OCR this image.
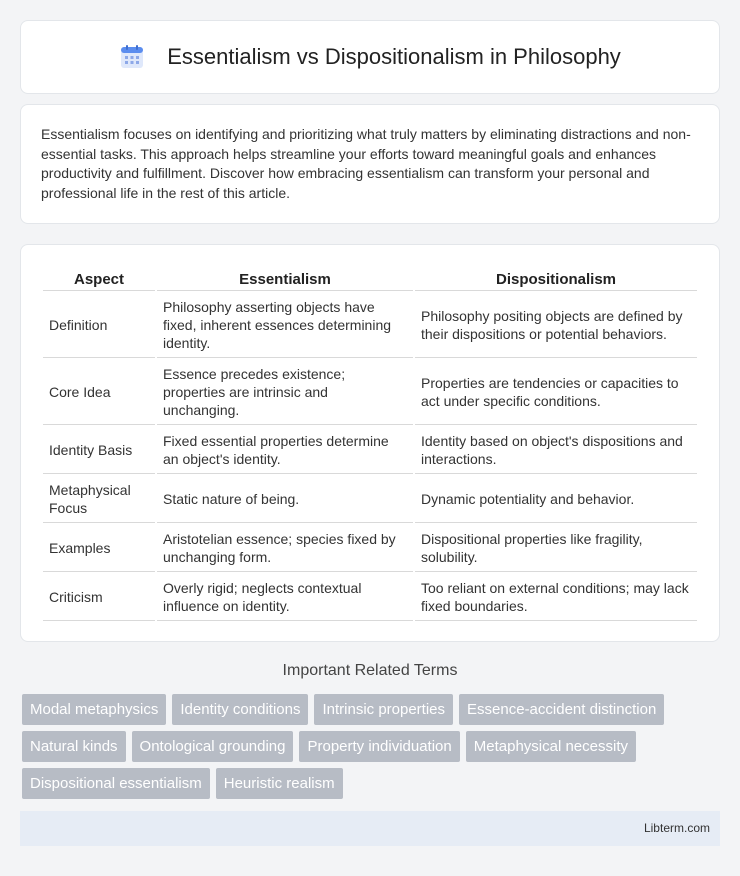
Essentialism vs Dispositionalism in Philosophy

Essentialism focuses on identifying and prioritizing what truly matters by eliminating distractions and non-essential tasks. This approach helps streamline your efforts toward meaningful goals and enhances productivity and fulfillment. Discover how embracing essentialism can transform your personal and professional life in the rest of this article.

Aspect	Essentialism	Dispositionalism
Definition	Philosophy asserting objects have fixed, inherent essences determining identity.	Philosophy positing objects are defined by their dispositions or potential behaviors.
Core Idea	Essence precedes existence; properties are intrinsic and unchanging.	Properties are tendencies or capacities to act under specific conditions.
Identity Basis	Fixed essential properties determine an object's identity.	Identity based on object's dispositions and interactions.
Metaphysical Focus	Static nature of being.	Dynamic potentiality and behavior.
Examples	Aristotelian essence; species fixed by unchanging form.	Dispositional properties like fragility, solubility.
Criticism	Overly rigid; neglects contextual influence on identity.	Too reliant on external conditions; may lack fixed boundaries.
Important Related Terms
Modal metaphysics	Identity conditions	Intrinsic properties	Essence-accident distinction
Natural kinds	Ontological grounding	Property individuation	Metaphysical necessity
Dispositional essentialism	Heuristic realism
Libterm.com
